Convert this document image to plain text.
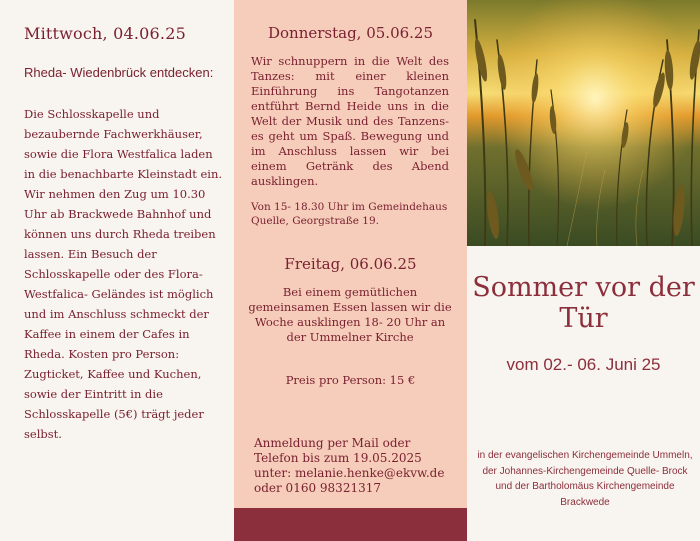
Mittwoch, 04.06.25
Rheda- Wiedenbrück entdecken:
Die Schlosskapelle und bezaubernde Fachwerkhäuser, sowie die Flora Westfalica laden in die benachbarte Kleinstadt ein. Wir nehmen den Zug um 10.30 Uhr ab Brackwede Bahnhof und können uns durch Rheda treiben lassen. Ein Besuch der Schlosskapelle oder des Flora-Westfalica- Geländes ist möglich und im Anschluss schmeckt der Kaffee in einem der Cafes in Rheda. Kosten pro Person: Zugticket, Kaffee und Kuchen, sowie der Eintritt in die Schlosskapelle (5€) trägt jeder selbst.
Donnerstag, 05.06.25
Wir schnuppern in die Welt des Tanzes: mit einer kleinen Einführung ins Tangotanzen entführt Bernd Heide uns in die Welt der Musik und des Tanzens- es geht um Spaß. Bewegung und im Anschluss lassen wir bei einem Getränk des Abend ausklingen.
Von 15- 18.30 Uhr im Gemeindehaus Quelle, Georgstraße 19.
Freitag, 06.06.25
Bei einem gemütlichen gemeinsamen Essen lassen wir die Woche ausklingen 18- 20 Uhr an der Ummelner Kirche
Preis pro Person: 15 €
Anmeldung per Mail oder Telefon bis zum 19.05.2025 unter: melanie.henke@ekvw.de oder 0160 98321317
Sommer vor der Tür
vom 02.- 06. Juni 25
in der evangelischen Kirchengemeinde Ummeln, der Johannes-Kirchengemeinde Quelle- Brock und der Bartholomäus Kirchengemeinde Brackwede
